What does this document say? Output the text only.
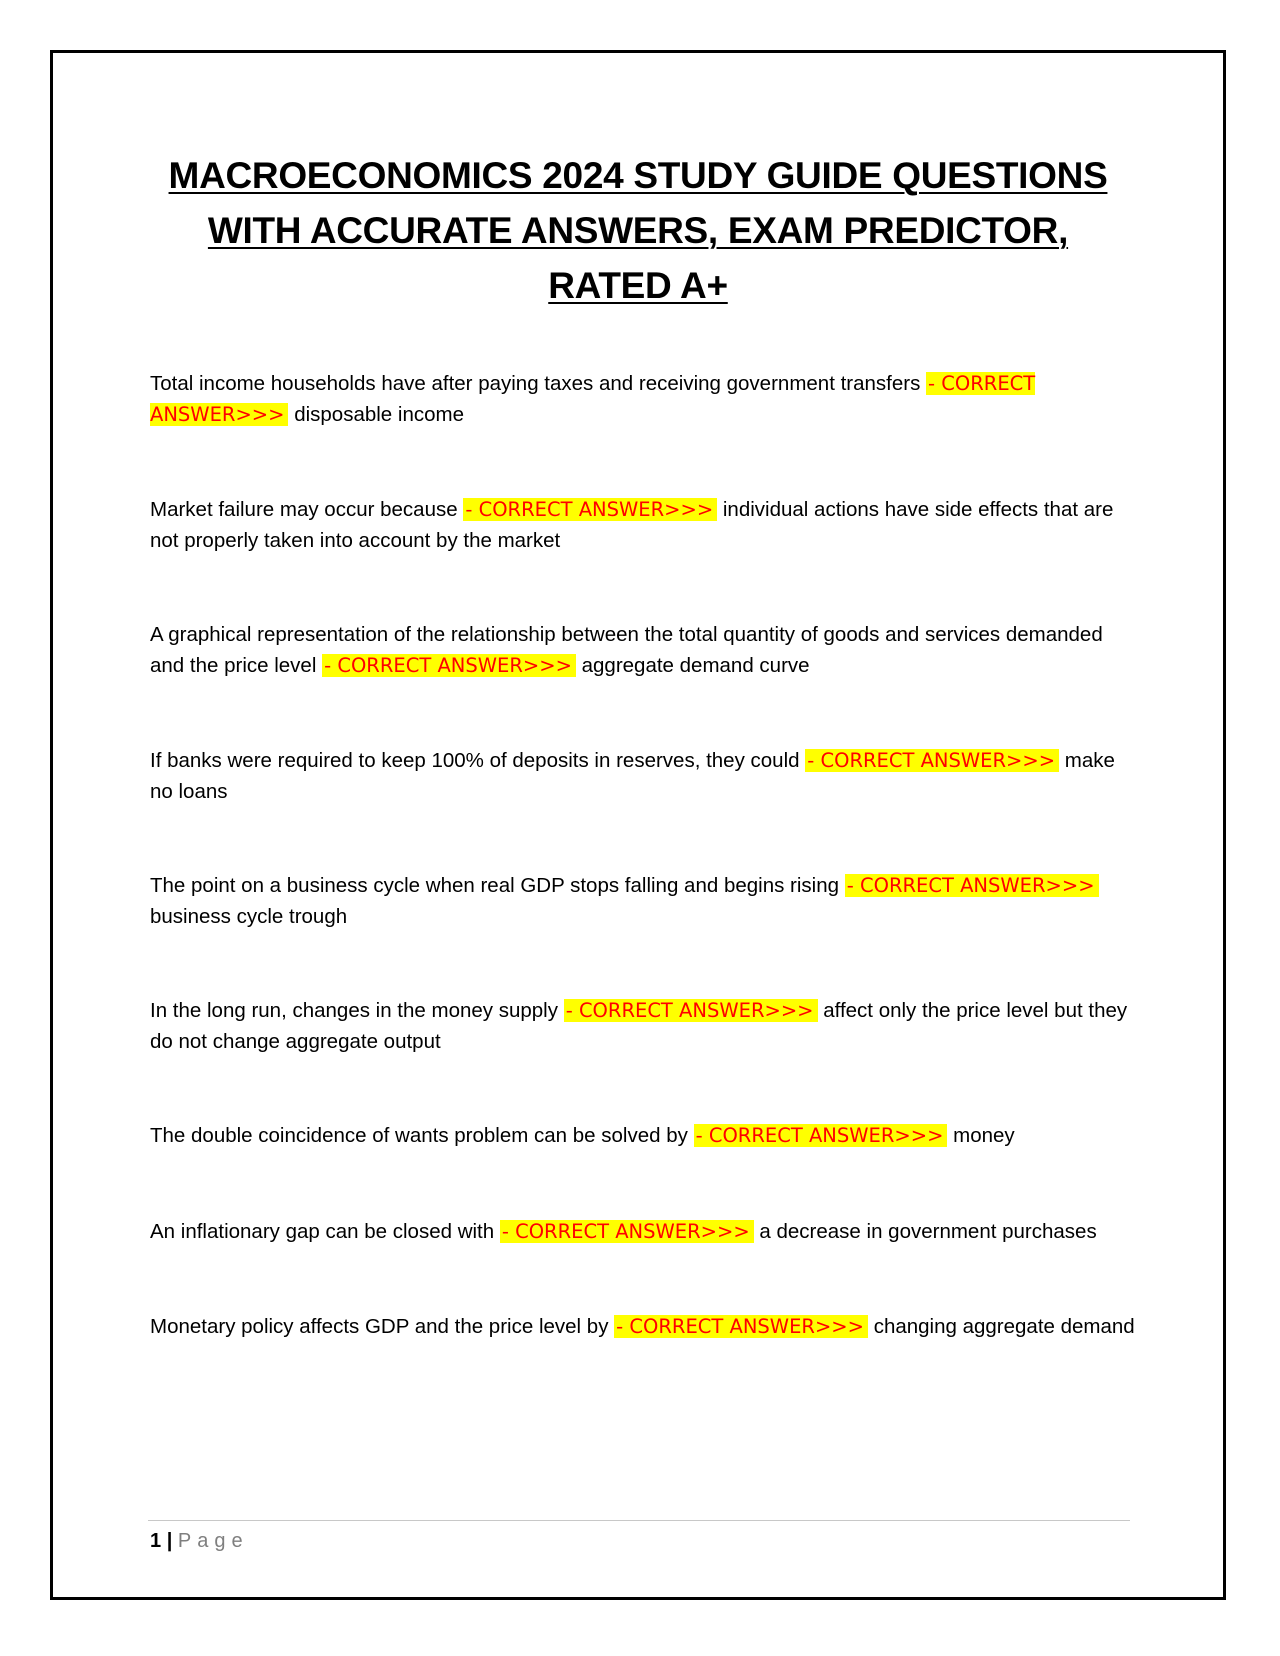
MACROECONOMICS 2024 STUDY GUIDE QUESTIONS WITH ACCURATE ANSWERS, EXAM PREDICTOR, RATED A+

Total income households have after paying taxes and receiving government transfers - CORRECT ANSWER>>> disposable income

Market failure may occur because - CORRECT ANSWER>>> individual actions have side effects that are not properly taken into account by the market

A graphical representation of the relationship between the total quantity of goods and services demanded and the price level - CORRECT ANSWER>>> aggregate demand curve

If banks were required to keep 100% of deposits in reserves, they could - CORRECT ANSWER>>> make no loans

The point on a business cycle when real GDP stops falling and begins rising - CORRECT ANSWER>>> business cycle trough

In the long run, changes in the money supply - CORRECT ANSWER>>> affect only the price level but they do not change aggregate output

The double coincidence of wants problem can be solved by - CORRECT ANSWER>>> money

An inflationary gap can be closed with - CORRECT ANSWER>>> a decrease in government purchases

Monetary policy affects GDP and the price level by - CORRECT ANSWER>>> changing aggregate demand

1 | Page
